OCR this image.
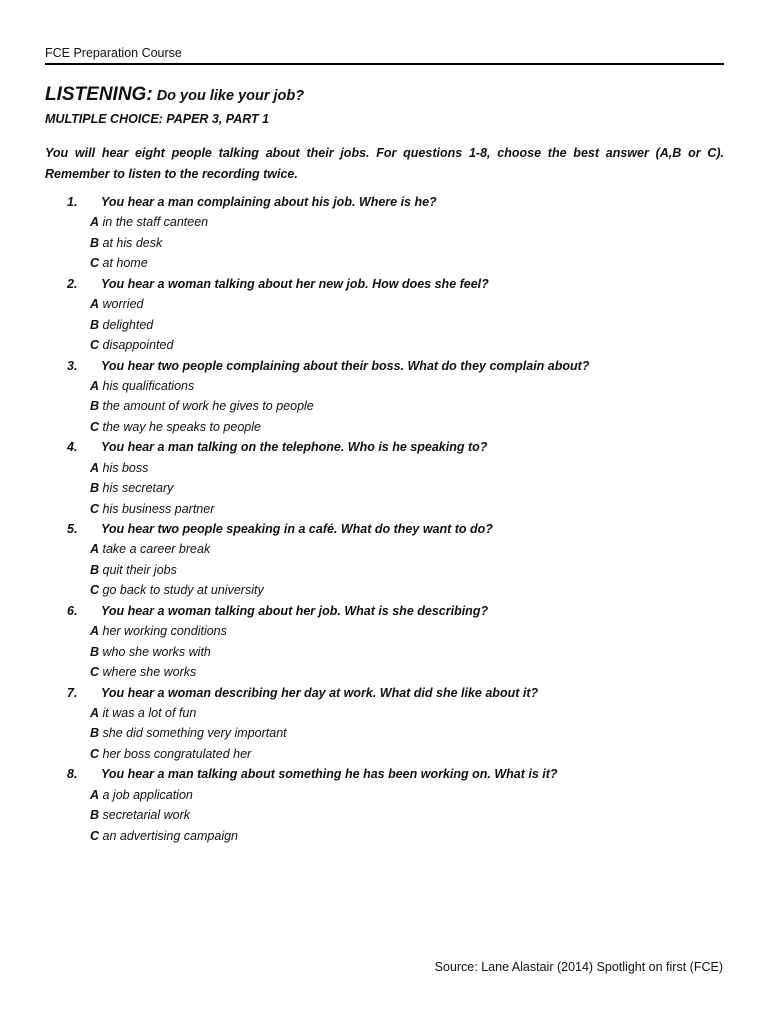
FCE Preparation Course
LISTENING: Do you like your job?
MULTIPLE CHOICE: PAPER 3, PART 1
You will hear eight people talking about their jobs. For questions 1-8, choose the best answer (A,B or C). Remember to listen to the recording twice.
1. You hear a man complaining about his job. Where is he?
A in the staff canteen
B at his desk
C at home
2. You hear a woman talking about her new job. How does she feel?
A worried
B delighted
C disappointed
3. You hear two people complaining about their boss. What do they complain about?
A his qualifications
B the amount of work he gives to people
C the way he speaks to people
4. You hear a man talking on the telephone. Who is he speaking to?
A his boss
B his secretary
C his business partner
5. You hear two people speaking in a café. What do they want to do?
A take a career break
B quit their jobs
C go back to study at university
6. You hear a woman talking about her job. What is she describing?
A her working conditions
B who she works with
C where she works
7. You hear a woman describing her day at work. What did she like about it?
A it was a lot of fun
B she did something very important
C her boss congratulated her
8. You hear a man talking about something he has been working on. What is it?
A a job application
B secretarial work
C an advertising campaign
Source: Lane Alastair (2014) Spotlight on first (FCE)
